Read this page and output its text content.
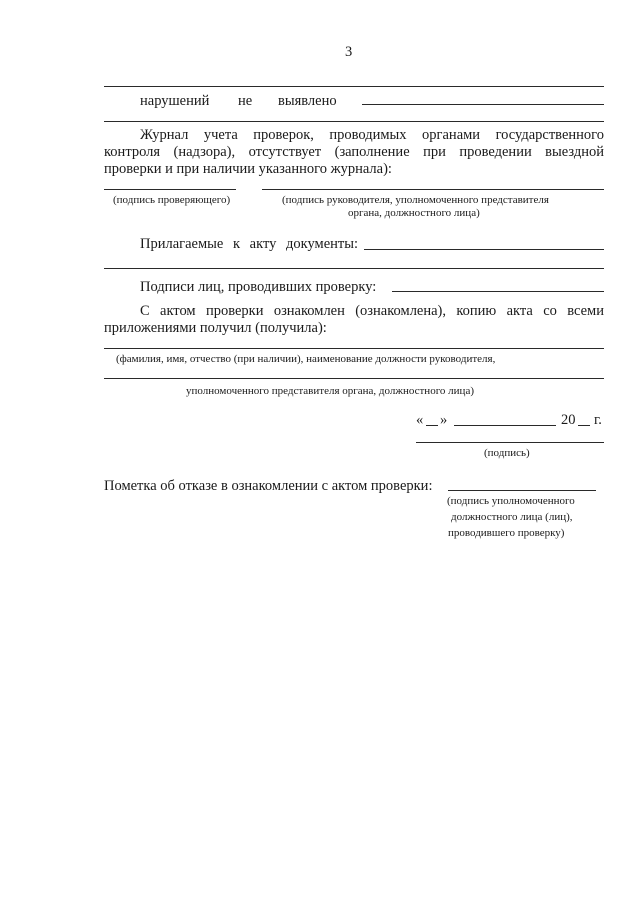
3
нарушений не выявлено
Журнал учета проверок, проводимых органами государственного
контроля (надзора), отсутствует (заполнение при проведении выездной
проверки и при наличии указанного журнала):
(подпись проверяющего)	(подпись руководителя, уполномоченного представителя
органа, должностного лица)
Прилагаемые к акту документы:
Подписи лиц, проводивших проверку:
С актом проверки ознакомлен (ознакомлена), копию акта со всеми
приложениями получил (получила):
(фамилия, имя, отчество (при наличии), наименование должности руководителя,
уполномоченного представителя органа, должностного лица)
« »	20 г.
(подпись)
Пометка об отказе в ознакомлении с актом проверки:
(подпись уполномоченного
должностного лица (лиц),
проводившего проверку)
